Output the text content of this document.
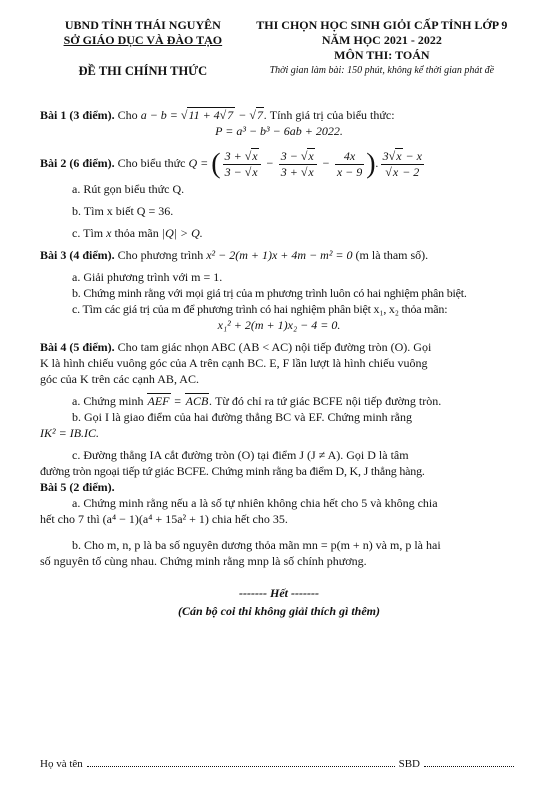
UBND TỈNH THÁI NGUYÊN
SỞ GIÁO DỤC VÀ ĐÀO TẠO
ĐỀ THI CHÍNH THỨC
THI CHỌN HỌC SINH GIỎI CẤP TỈNH LỚP 9
NĂM HỌC 2021 - 2022
MÔN THI: TOÁN
Thời gian làm bài: 150 phút, không kể thời gian phát đề

Bài 1 (3 điểm). Cho a − b = √11 + 4√7 − √7. Tính giá trị của biểu thức:

P = a³ − b³ − 6ab + 2022.

Bài 2 (6 điểm). Cho biểu thức Q = ( $\frac{3 + √x}{3 - √x} - \frac{3 - √x}{3 + √x} - \frac{4x}{x - 9}$ ). $\frac{3√x - x}{√x - 2}$

a. Rút gọn biểu thức Q.

b. Tìm x biết Q = 36.

c. Tìm x thỏa mãn |Q| > Q.

Bài 3 (4 điểm). Cho phương trình x² − 2(m + 1)x + 4m − m² = 0 (m là tham số).

a. Giải phương trình với m = 1.

b. Chứng minh rằng với mọi giá trị của m phương trình luôn có hai nghiệm phân biệt.

c. Tìm các giá trị của m để phương trình có hai nghiệm phân biệt x₁, x₂ thỏa mãn:

x₁² + 2(m + 1)x₂ − 4 = 0.

Bài 4 (5 điểm). Cho tam giác nhọn ABC (AB < AC) nội tiếp đường tròn (O). Gọi

K là hình chiếu vuông góc của A trên cạnh BC. E, F lần lượt là hình chiếu vuông

góc của K trên các cạnh AB, AC.

a. Chứng minh AEF = ACB. Từ đó chỉ ra tứ giác BCFE nội tiếp đường tròn.

b. Gọi I là giao điểm của hai đường thẳng BC và EF. Chứng minh rằng

IK² = IB.IC.

c. Đường thẳng IA cắt đường tròn (O) tại điểm J (J ≠ A). Gọi D là tâm

đường tròn ngoại tiếp tứ giác BCFE. Chứng minh rằng ba điểm D, K, J thẳng hàng.

Bài 5 (2 điểm).

a. Chứng minh rằng nếu a là số tự nhiên không chia hết cho 5 và không chia

hết cho 7 thì (a⁴ − 1)(a⁴ + 15a² + 1) chia hết cho 35.

b. Cho m, n, p là ba số nguyên dương thỏa mãn mn = p(m + n) và m, p là hai

số nguyên tố cùng nhau. Chứng minh rằng mnp là số chính phương.

------- Hết -------
(Cán bộ coi thi không giải thích gì thêm)
Họ và tên	SBD
